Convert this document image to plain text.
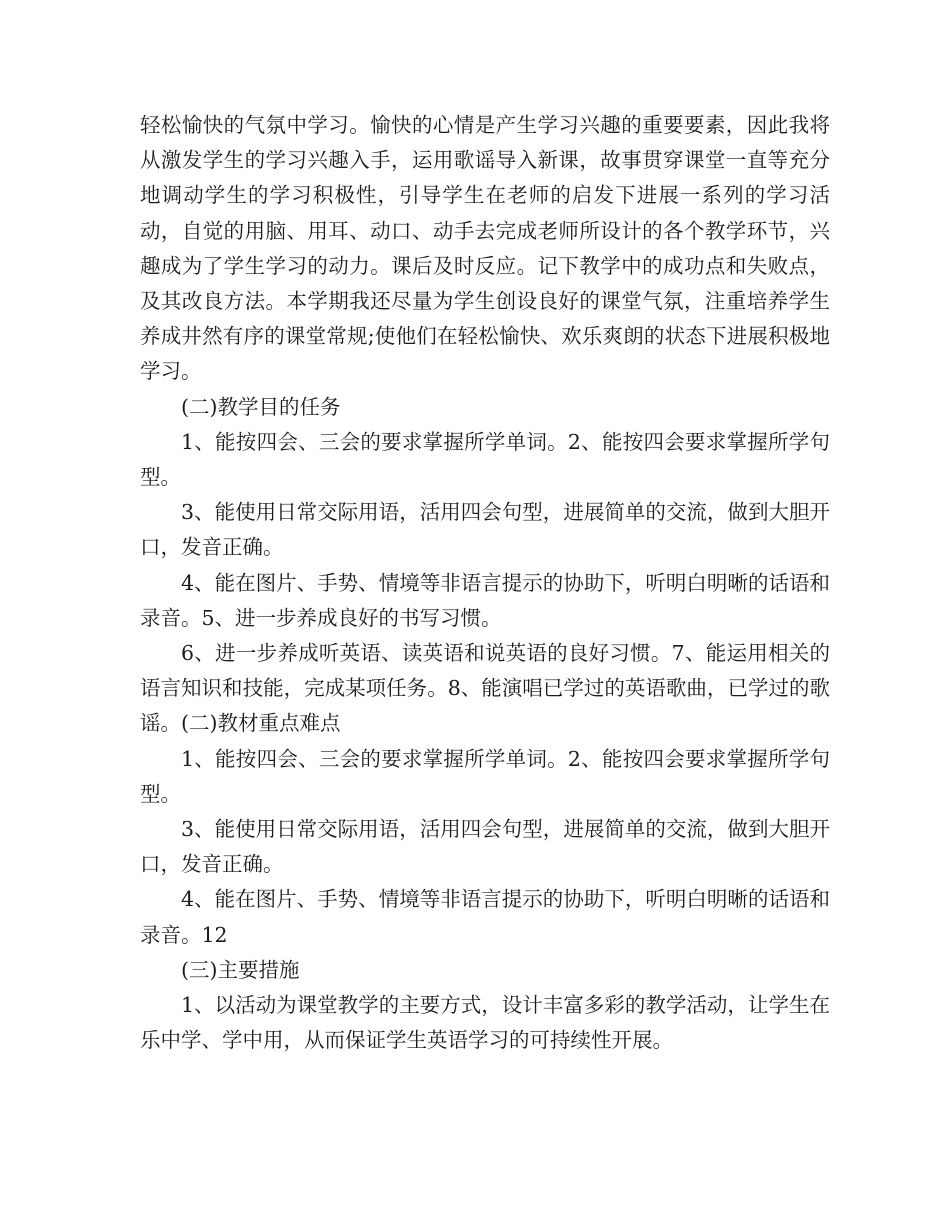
轻松愉快的气氛中学习。愉快的心情是产生学习兴趣的重要要素，因此我将从激发学生的学习兴趣入手，运用歌谣导入新课，故事贯穿课堂一直等充分地调动学生的学习积极性，引导学生在老师的启发下进展一系列的学习活动，自觉的用脑、用耳、动口、动手去完成老师所设计的各个教学环节，兴趣成为了学生学习的动力。课后及时反应。记下教学中的成功点和失败点，及其改良方法。本学期我还尽量为学生创设良好的课堂气氛，注重培养学生养成井然有序的课堂常规;使他们在轻松愉快、欢乐爽朗的状态下进展积极地学习。

(二)教学目的任务

1、能按四会、三会的要求掌握所学单词。2、能按四会要求掌握所学句型。

3、能使用日常交际用语，活用四会句型，进展简单的交流，做到大胆开口，发音正确。

4、能在图片、手势、情境等非语言提示的协助下，听明白明晰的话语和录音。5、进一步养成良好的书写习惯。

6、进一步养成听英语、读英语和说英语的良好习惯。7、能运用相关的语言知识和技能，完成某项任务。8、能演唱已学过的英语歌曲，已学过的歌谣。(二)教材重点难点

1、能按四会、三会的要求掌握所学单词。2、能按四会要求掌握所学句型。

3、能使用日常交际用语，活用四会句型，进展简单的交流，做到大胆开口，发音正确。

4、能在图片、手势、情境等非语言提示的协助下，听明白明晰的话语和录音。12

(三)主要措施

1、以活动为课堂教学的主要方式，设计丰富多彩的教学活动，让学生在乐中学、学中用，从而保证学生英语学习的可持续性开展。
